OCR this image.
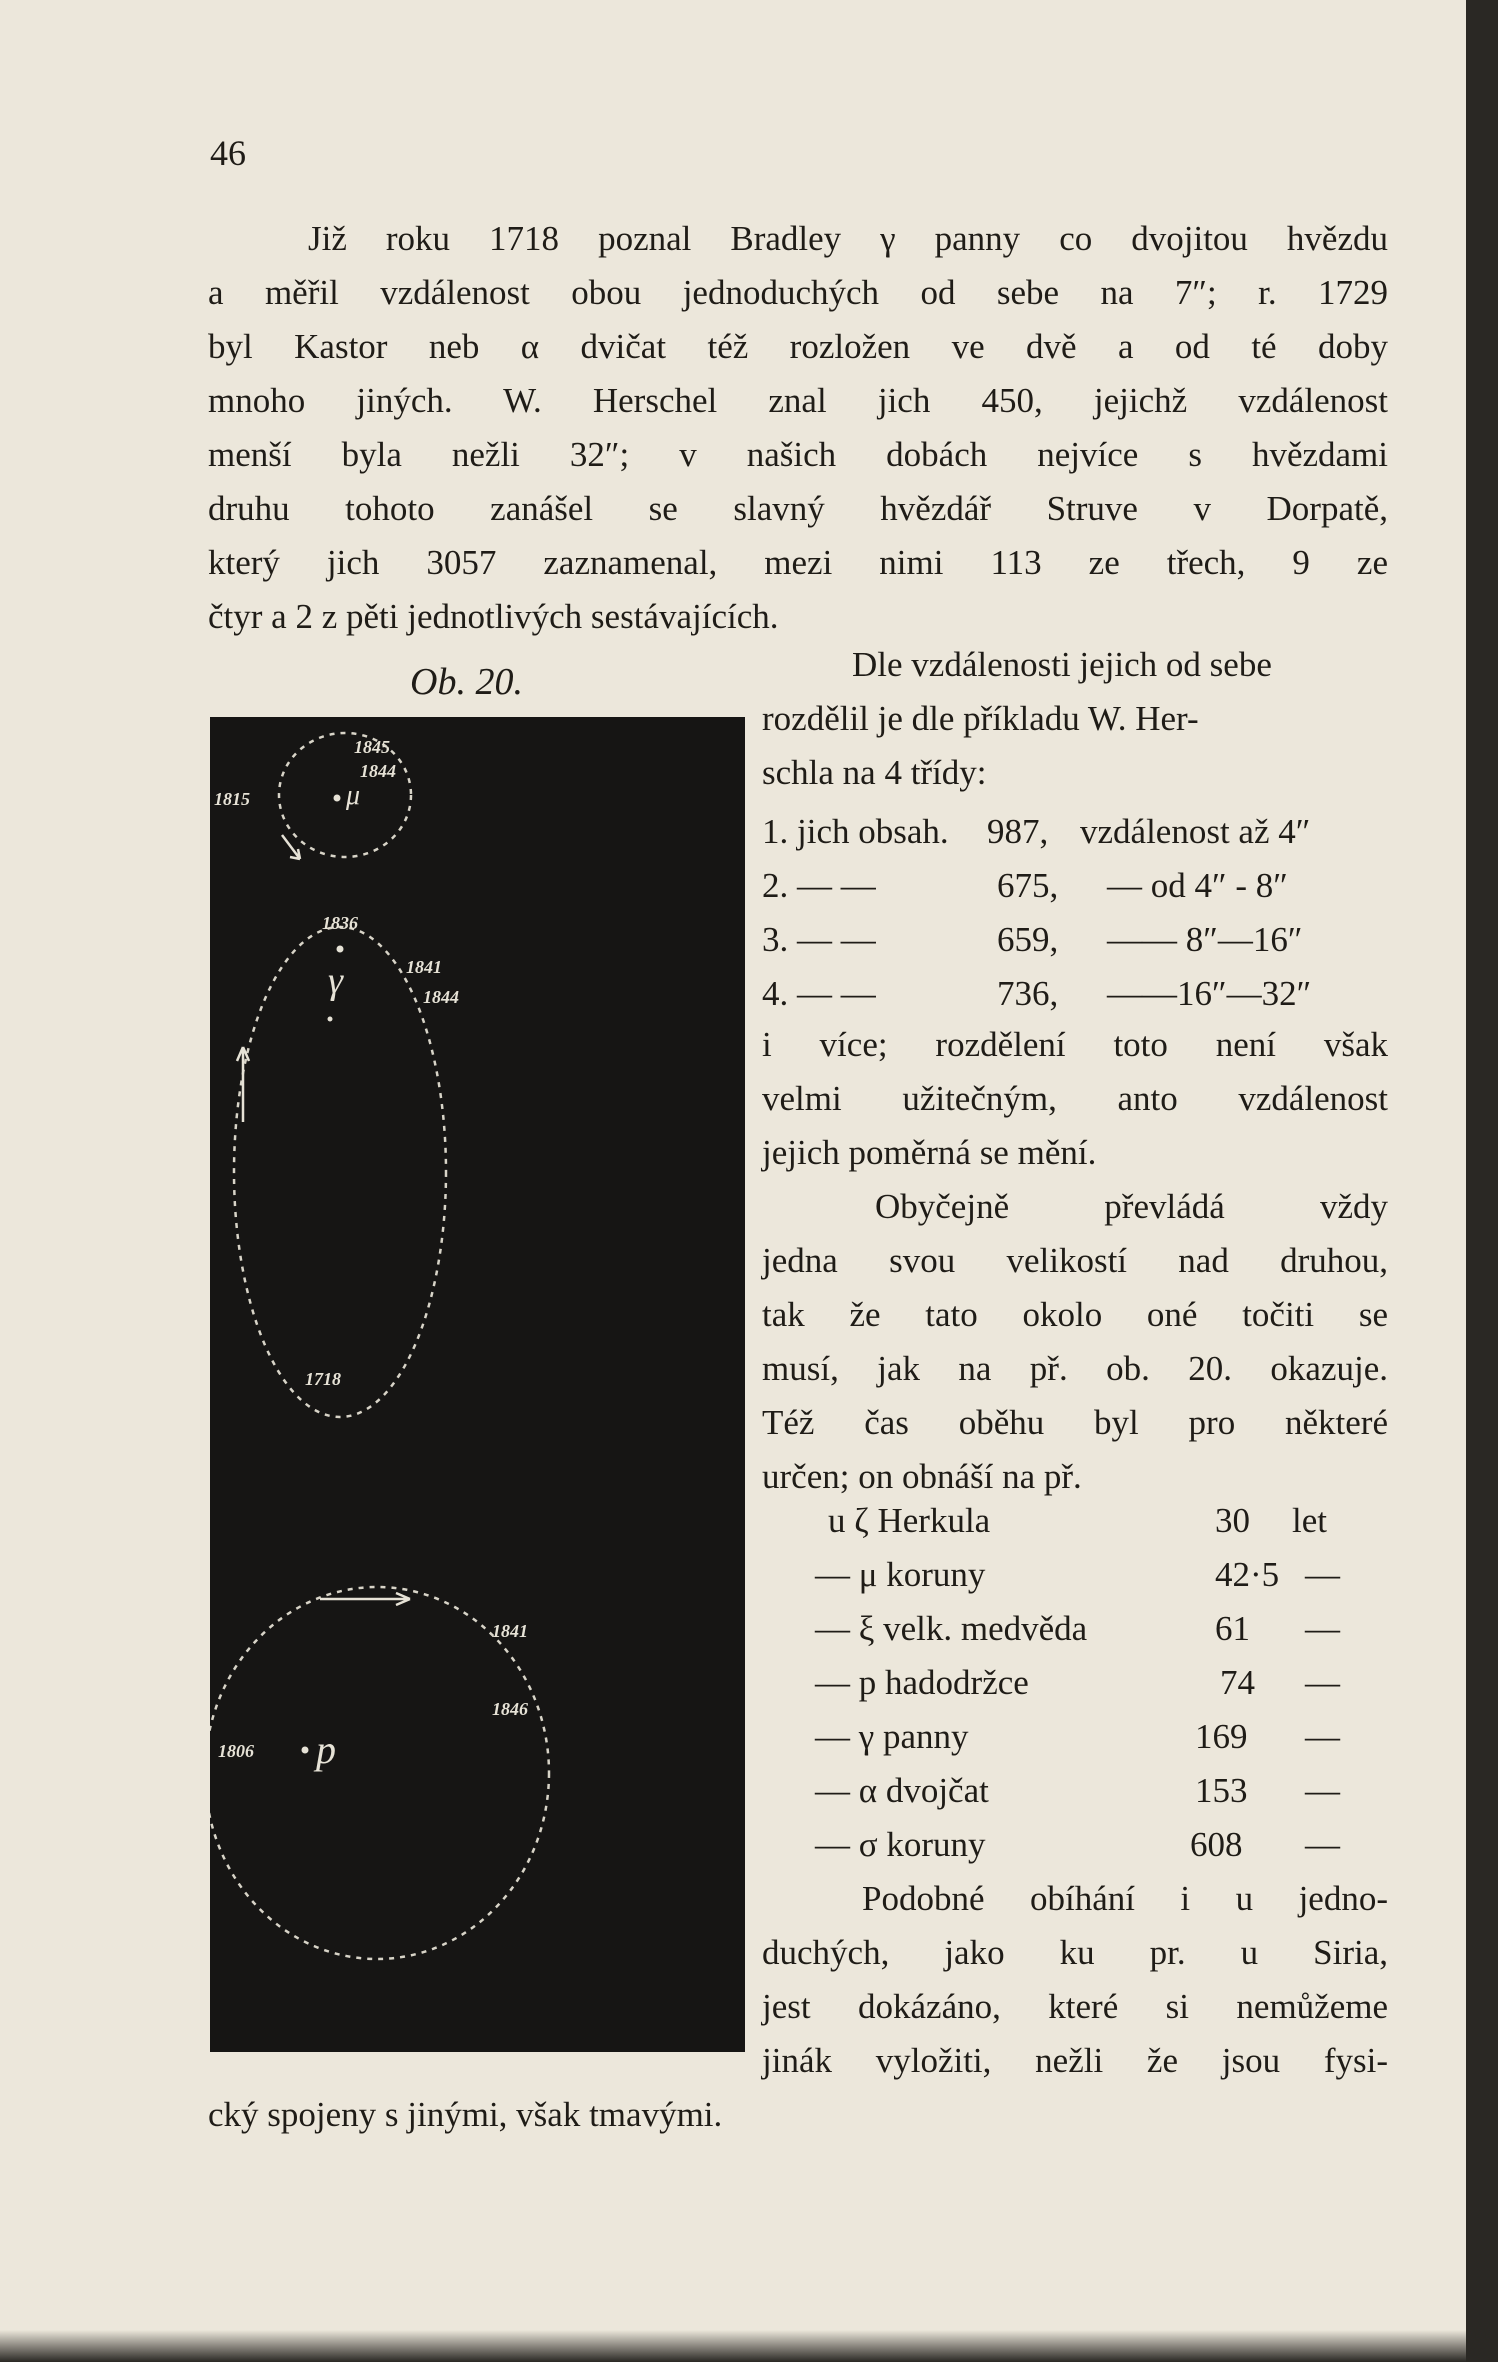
46
Již roku 1718 poznal Bradley γ panny co dvojitou hvězdu
a měřil vzdálenost obou jednoduchých od sebe na 7″; r. 1729
byl Kastor neb α dvičat též rozložen ve dvě a od té doby
mnoho jiných. W. Herschel znal jich 450, jejichž vzdálenost
menší byla nežli 32″; v našich dobách nejvíce s hvězdami
druhu tohoto zanášel se slavný hvězdář Struve v Dorpatě,
který jich 3057 zaznamenal, mezi nimi 113 ze třech, 9 ze
čtyr a 2 z pěti jednotlivých sestávajících.
Ob. 20.
μ
1815
1845
1844
γ
1836
1841
1844
1718
p
1841
1846
1806
Dle vzdálenosti jejich od sebe
rozdělil je dle příkladu W. Her-
schla na 4 třídy:
1. jich obsah. 987, vzdálenost až 4″
2. — —	675, — od 4″ - 8″
3. — —	659, —— 8″—16″
4. — —	736, ——16″—32″
i více; rozdělení toto není však
velmi užitečným, anto vzdálenost
jejich poměrná se mění.
Obyčejně převládá vždy
jedna svou velikostí nad druhou,
tak že tato okolo oné točiti se
musí, jak na př. ob. 20. okazuje.
Též čas oběhu byl pro některé
určen; on obnáší na př.
u ζ Herkula	30 let
— μ koruny	42·5 —
— ξ velk. medvěda	61 —
— p hadodržce	74 —
— γ panny	169 —
— α dvojčat	153 —
— σ koruny	608 —
Podobné obíhání i u jedno-
duchých, jako ku pr. u Siria,
jest dokázáno, které si nemůžeme
jinák vyložiti, nežli že jsou fysi-
cký spojeny s jinými, však tmavými.
